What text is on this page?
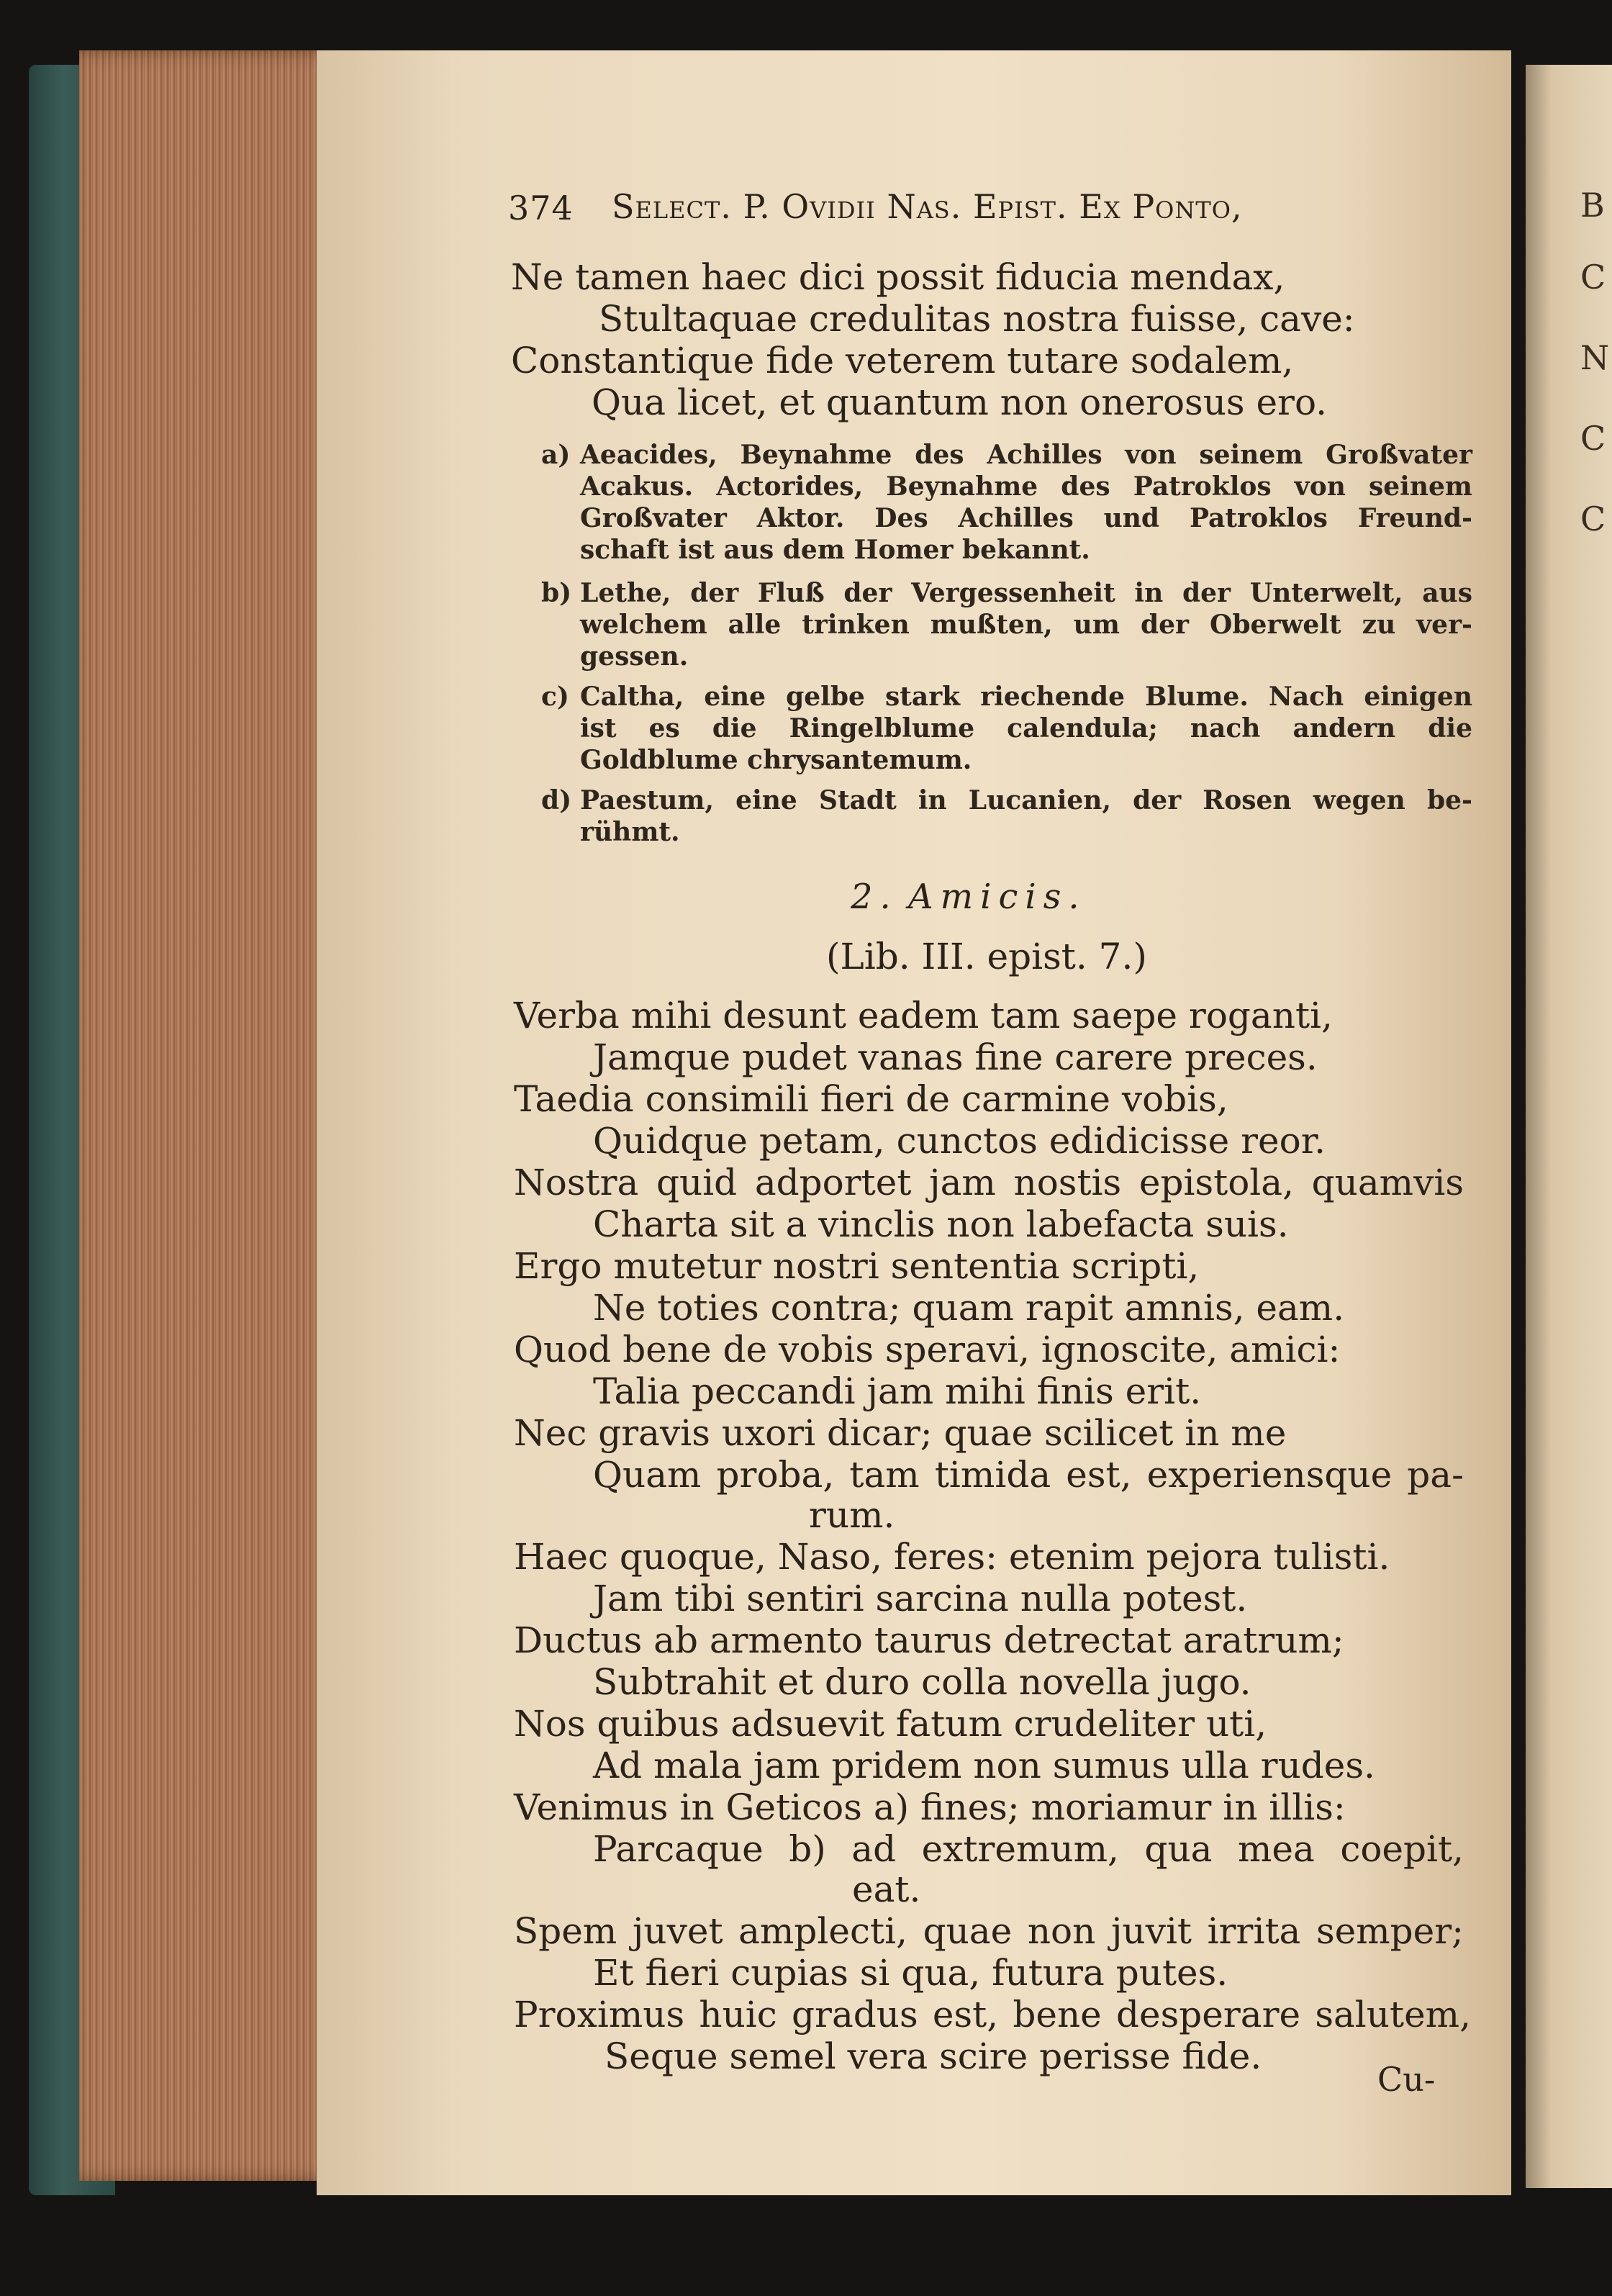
B
C
N
C
C
374 Select. P. Ovidii Nas. Epist. Ex Ponto,
Ne tamen haec dici possit fiducia mendax,
Stultaquae credulitas nostra fuisse, cave:
Constantique fide veterem tutare sodalem,
Qua licet, et quantum non onerosus ero.
a) Aeacides, Beynahme des Achilles von seinem Großvater
Acakus. Actorides, Beynahme des Patroklos von seinem
Großvater Aktor. Des Achilles und Patroklos Freund-
schaft ist aus dem Homer bekannt.
b) Lethe, der Fluß der Vergessenheit in der Unterwelt, aus
welchem alle trinken mußten, um der Oberwelt zu ver-
gessen.
c) Caltha, eine gelbe stark riechende Blume. Nach einigen
ist es die Ringelblume calendula; nach andern die
Goldblume chrysantemum.
d) Paestum, eine Stadt in Lucanien, der Rosen wegen be-
rühmt.
2. Amicis.
(Lib. III. epist. 7.)
Verba mihi desunt eadem tam saepe roganti,
Jamque pudet vanas fine carere preces.
Taedia consimili fieri de carmine vobis,
Quidque petam, cunctos edidicisse reor.
Nostra quid adportet jam nostis epistola, quamvis
Charta sit a vinclis non labefacta suis.
Ergo mutetur nostri sententia scripti,
Ne toties contra; quam rapit amnis, eam.
Quod bene de vobis speravi, ignoscite, amici:
Talia peccandi jam mihi finis erit.
Nec gravis uxori dicar; quae scilicet in me
Quam proba, tam timida est, experiensque pa-
rum.
Haec quoque, Naso, feres: etenim pejora tulisti.
Jam tibi sentiri sarcina nulla potest.
Ductus ab armento taurus detrectat aratrum;
Subtrahit et duro colla novella jugo.
Nos quibus adsuevit fatum crudeliter uti,
Ad mala jam pridem non sumus ulla rudes.
Venimus in Geticos a) fines; moriamur in illis:
Parcaque b) ad extremum, qua mea coepit,
eat.
Spem juvet amplecti, quae non juvit irrita semper;
Et fieri cupias si qua, futura putes.
Proximus huic gradus est, bene desperare salutem,
Seque semel vera scire perisse fide.
Cu-
